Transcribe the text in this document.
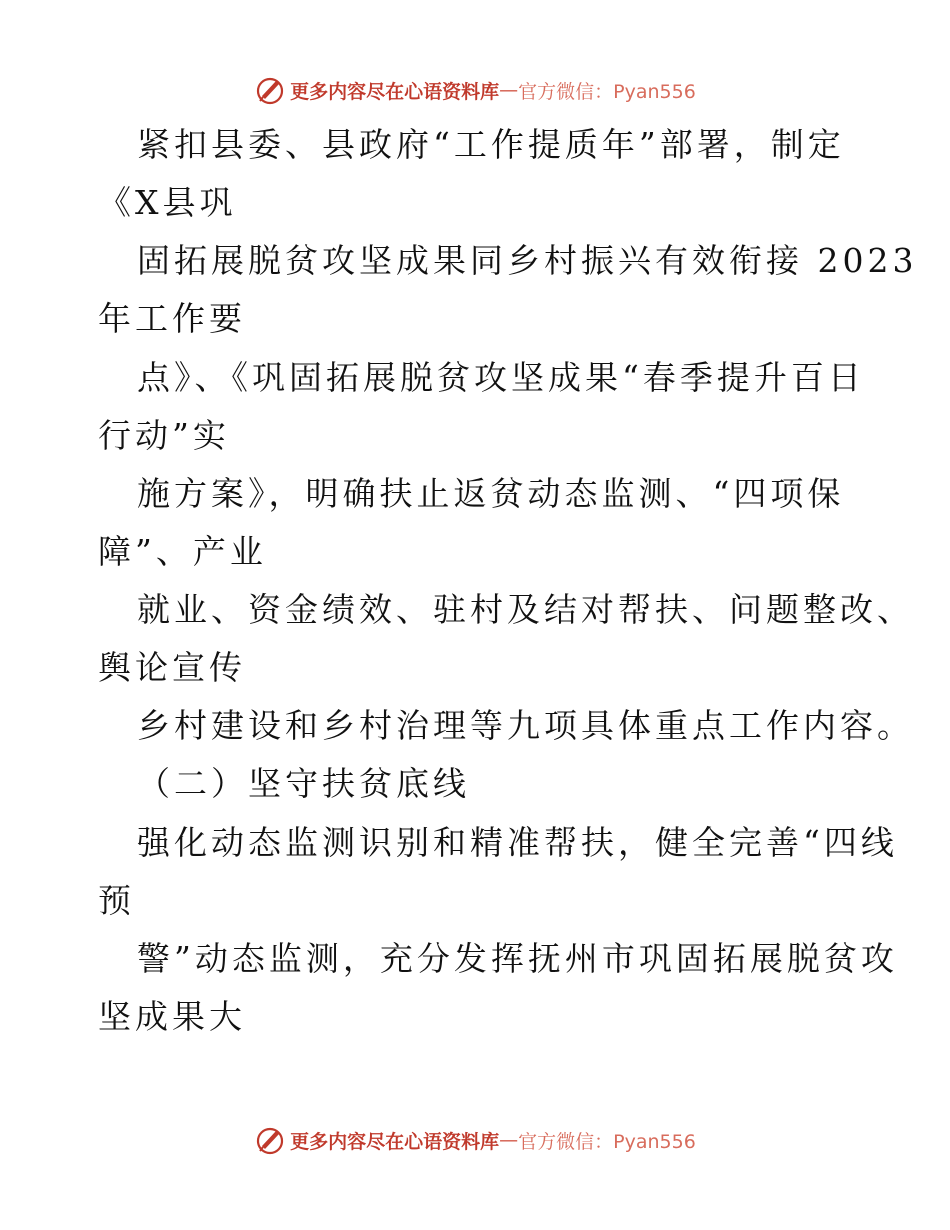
更多内容尽在心语资料库 — 官方微信：Pyan556

紧扣县委、县政府“工作提质年”部署，制定

《X县巩

固拓展脱贫攻坚成果同乡村振兴有效衔接 2023

年工作要

点》、《巩固拓展脱贫攻坚成果“春季提升百日

行动”实

施方案》，明确扶止返贫动态监测、“四项保

障”、产业

就业、资金绩效、驻村及结对帮扶、问题整改、

舆论宣传

乡村建设和乡村治理等九项具体重点工作内容。

（二）坚守扶贫底线

强化动态监测识别和精准帮扶，健全完善“四线

预

警”动态监测，充分发挥抚州市巩固拓展脱贫攻

坚成果大

更多内容尽在心语资料库 — 官方微信：Pyan556
